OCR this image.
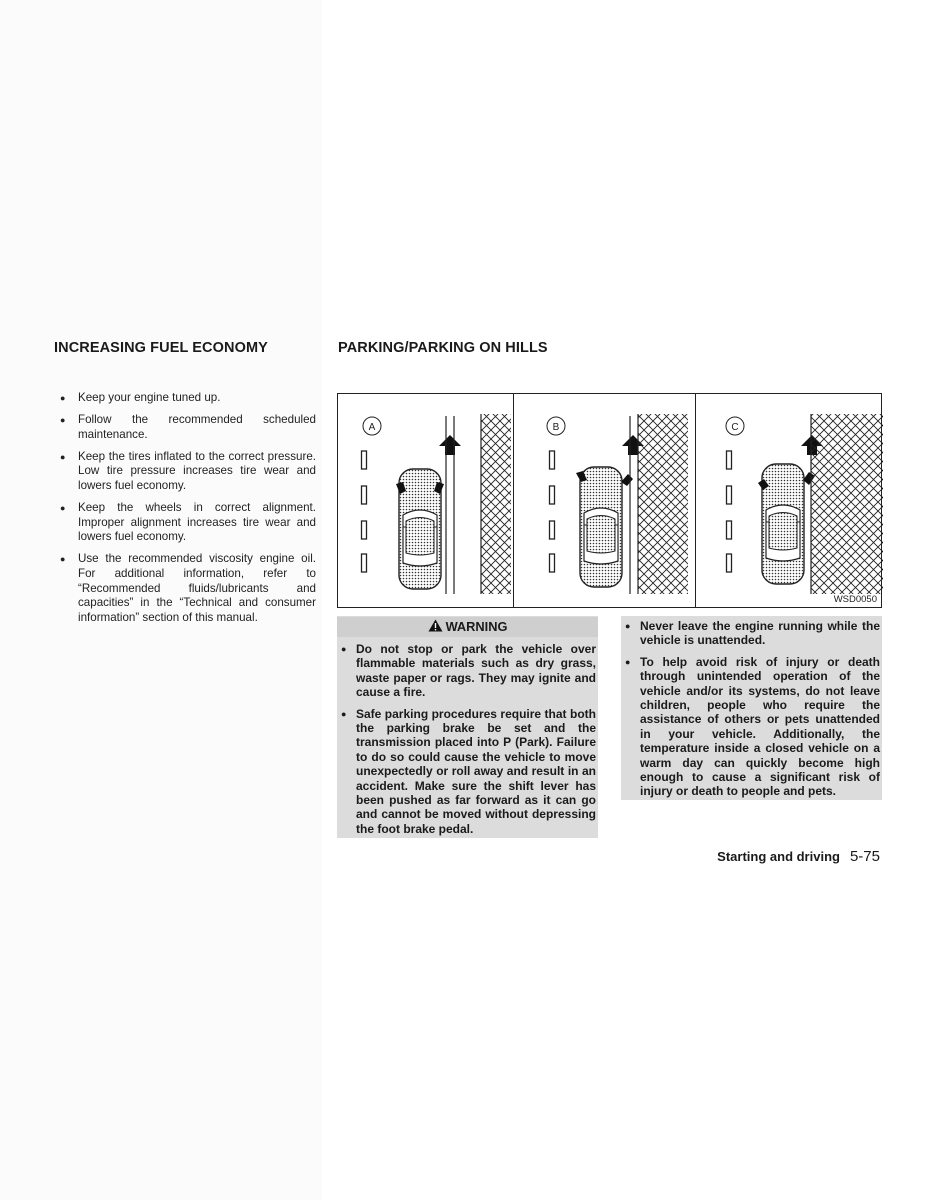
INCREASING FUEL ECONOMY	PARKING/PARKING ON HILLS
● Keep your engine tuned up.
● Follow the recommended scheduled maintenance.
● Keep the tires inflated to the correct pressure. Low tire pressure increases tire wear and lowers fuel economy.
● Keep the wheels in correct alignment. Improper alignment increases tire wear and lowers fuel economy.
● Use the recommended viscosity engine oil. For additional information, refer to “Recommended fluids/lubricants and capacities” in the “Technical and consumer information” section of this manual.
A	B	C
WSD0050
WARNING
● Do not stop or park the vehicle over flammable materials such as dry grass, waste paper or rags. They may ignite and cause a fire.
● Safe parking procedures require that both the parking brake be set and the transmission placed into P (Park). Failure to do so could cause the vehicle to move unexpectedly or roll away and result in an accident. Make sure the shift lever has been pushed as far forward as it can go and cannot be moved without depressing the foot brake pedal.
● Never leave the engine running while the vehicle is unattended.
● To help avoid risk of injury or death through unintended operation of the vehicle and/or its systems, do not leave children, people who require the assistance of others or pets unattended in your vehicle. Additionally, the temperature inside a closed vehicle on a warm day can quickly become high enough to cause a significant risk of injury or death to people and pets.
Starting and driving 5-75
